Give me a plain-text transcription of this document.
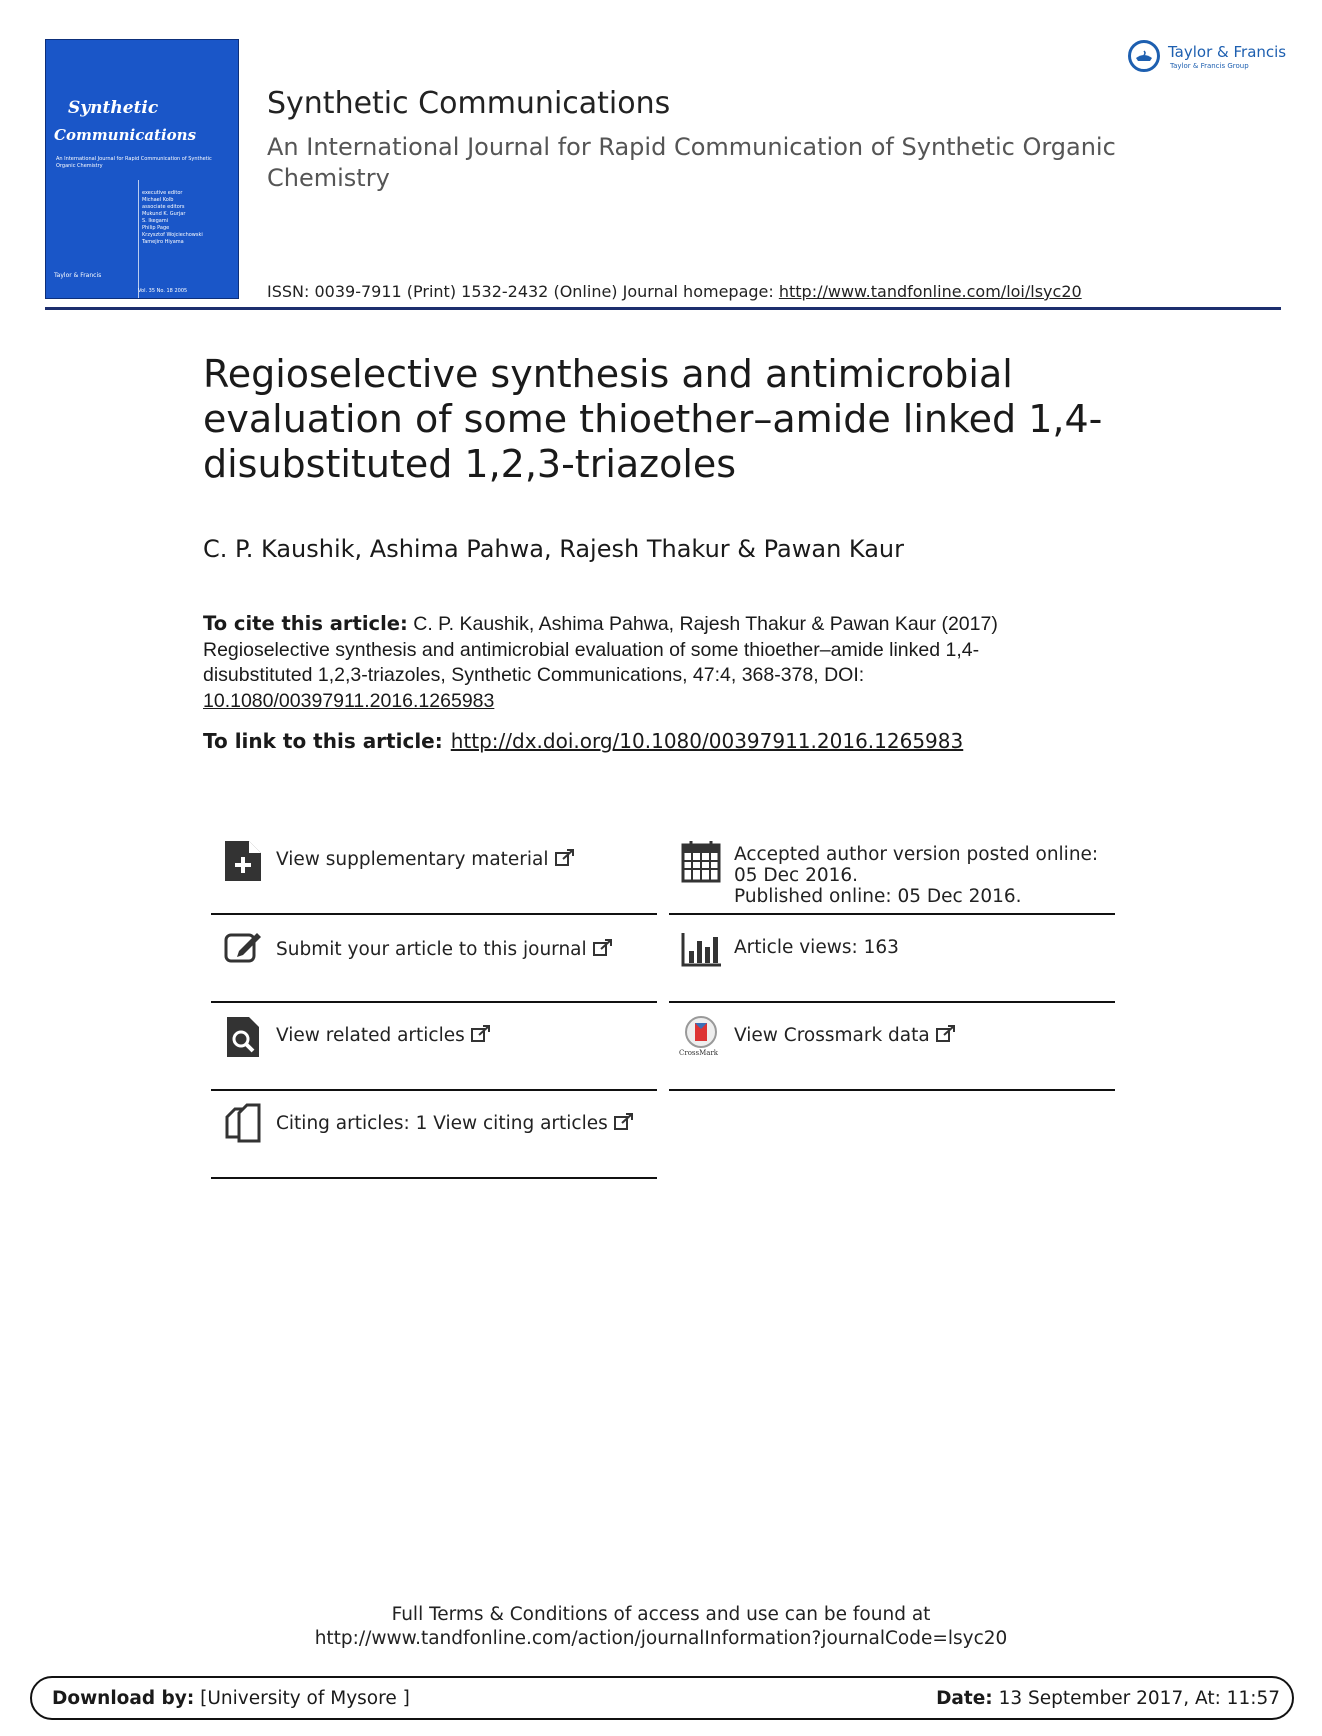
Synthetic
Communications
An International Journal for Rapid Communication of Synthetic Organic Chemistry
executive editor
Michael Kolb
associate editors
Mukund K. Gurjar
S. Ikegami
Philip Page
Krzysztof Wojciechowski
Tamejiro Hiyama
Taylor & Francis
Vol. 35 No. 18 2005
Synthetic Communications
An International Journal for Rapid Communication of Synthetic Organic Chemistry
ISSN: 0039-7911 (Print) 1532-2432 (Online) Journal homepage: http://www.tandfonline.com/loi/lsyc20
Taylor & Francis
Taylor & Francis Group
Regioselective synthesis and antimicrobial evaluation of some thioether–amide linked 1,4-disubstituted 1,2,3-triazoles
C. P. Kaushik, Ashima Pahwa, Rajesh Thakur & Pawan Kaur
To cite this article: C. P. Kaushik, Ashima Pahwa, Rajesh Thakur & Pawan Kaur (2017) Regioselective synthesis and antimicrobial evaluation of some thioether–amide linked 1,4-disubstituted 1,2,3-triazoles, Synthetic Communications, 47:4, 368-378, DOI:
10.1080/00397911.2016.1265983
To link to this article: http://dx.doi.org/10.1080/00397911.2016.1265983
View supplementary material
Submit your article to this journal
View related articles
Citing articles: 1 View citing articles
Accepted author version posted online: 05 Dec 2016.
Published online: 05 Dec 2016.
Article views: 163
CrossMark
View Crossmark data
Full Terms & Conditions of access and use can be found at
http://www.tandfonline.com/action/journalInformation?journalCode=lsyc20
Download by: [University of Mysore ]	Date: 13 September 2017, At: 11:57
